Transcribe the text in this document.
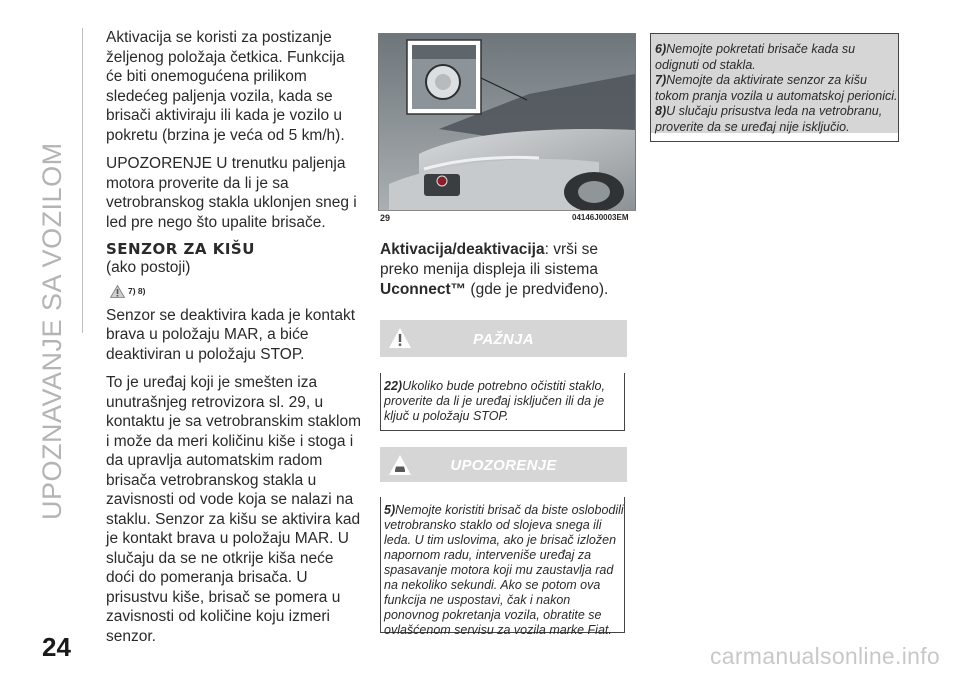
UPOZNAVANJE SA VOZILOM

Aktivacija se koristi za postizanje željenog položaja četkica. Funkcija će biti onemogućena prilikom sledećeg paljenja vozila, kada se brisači aktiviraju ili kada je vozilo u pokretu (brzina je veća od 5 km/h).

UPOZORENJE U trenutku paljenja motora proverite da li je sa vetrobranskog stakla uklonjen sneg i led pre nego što upalite brisače.

SENZOR ZA KIŠU
(ako postoji)
7) 8)

Senzor se deaktivira kada je kontakt brava u položaju MAR, a biće deaktiviran u položaju STOP.

To je uređaj koji je smešten iza unutrašnjeg retrovizora sl. 29, u kontaktu je sa vetrobranskim staklom i može da meri količinu kiše i stoga i da upravlja automatskim radom brisača vetrobranskog stakla u zavisnosti od vode koja se nalazi na staklu. Senzor za kišu se aktivira kad je kontakt brava u položaju MAR. U slučaju da se ne otkrije kiša neće doći do pomeranja brisača. U prisustvu kiše, brisač se pomera u zavisnosti od količine koju izmeri senzor.

29	04146J0003EM
Aktivacija/deaktivacija: vrši se preko menija displeja ili sistema Uconnect™ (gde je predviđeno).
PAŽNJA
22)Ukoliko bude potrebno očistiti staklo, proverite da li je uređaj isključen ili da je ključ u položaju STOP.
UPOZORENJE
5)Nemojte koristiti brisač da biste oslobodili vetrobransko staklo od slojeva snega ili leda. U tim uslovima, ako je brisač izložen napornom radu, interveniše uređaj za spasavanje motora koji mu zaustavlja rad na nekoliko sekundi. Ako se potom ova funkcija ne uspostavi, čak i nakon ponovnog pokretanja vozila, obratite se ovlašćenom servisu za vozila marke Fiat.

6)Nemojte pokretati brisače kada su odignuti od stakla.

7)Nemojte da aktivirate senzor za kišu tokom pranja vozila u automatskoj perionici.

8)U slučaju prisustva leda na vetrobranu, proverite da se uređaj nije isključio.

24	carmanualsonline.info
